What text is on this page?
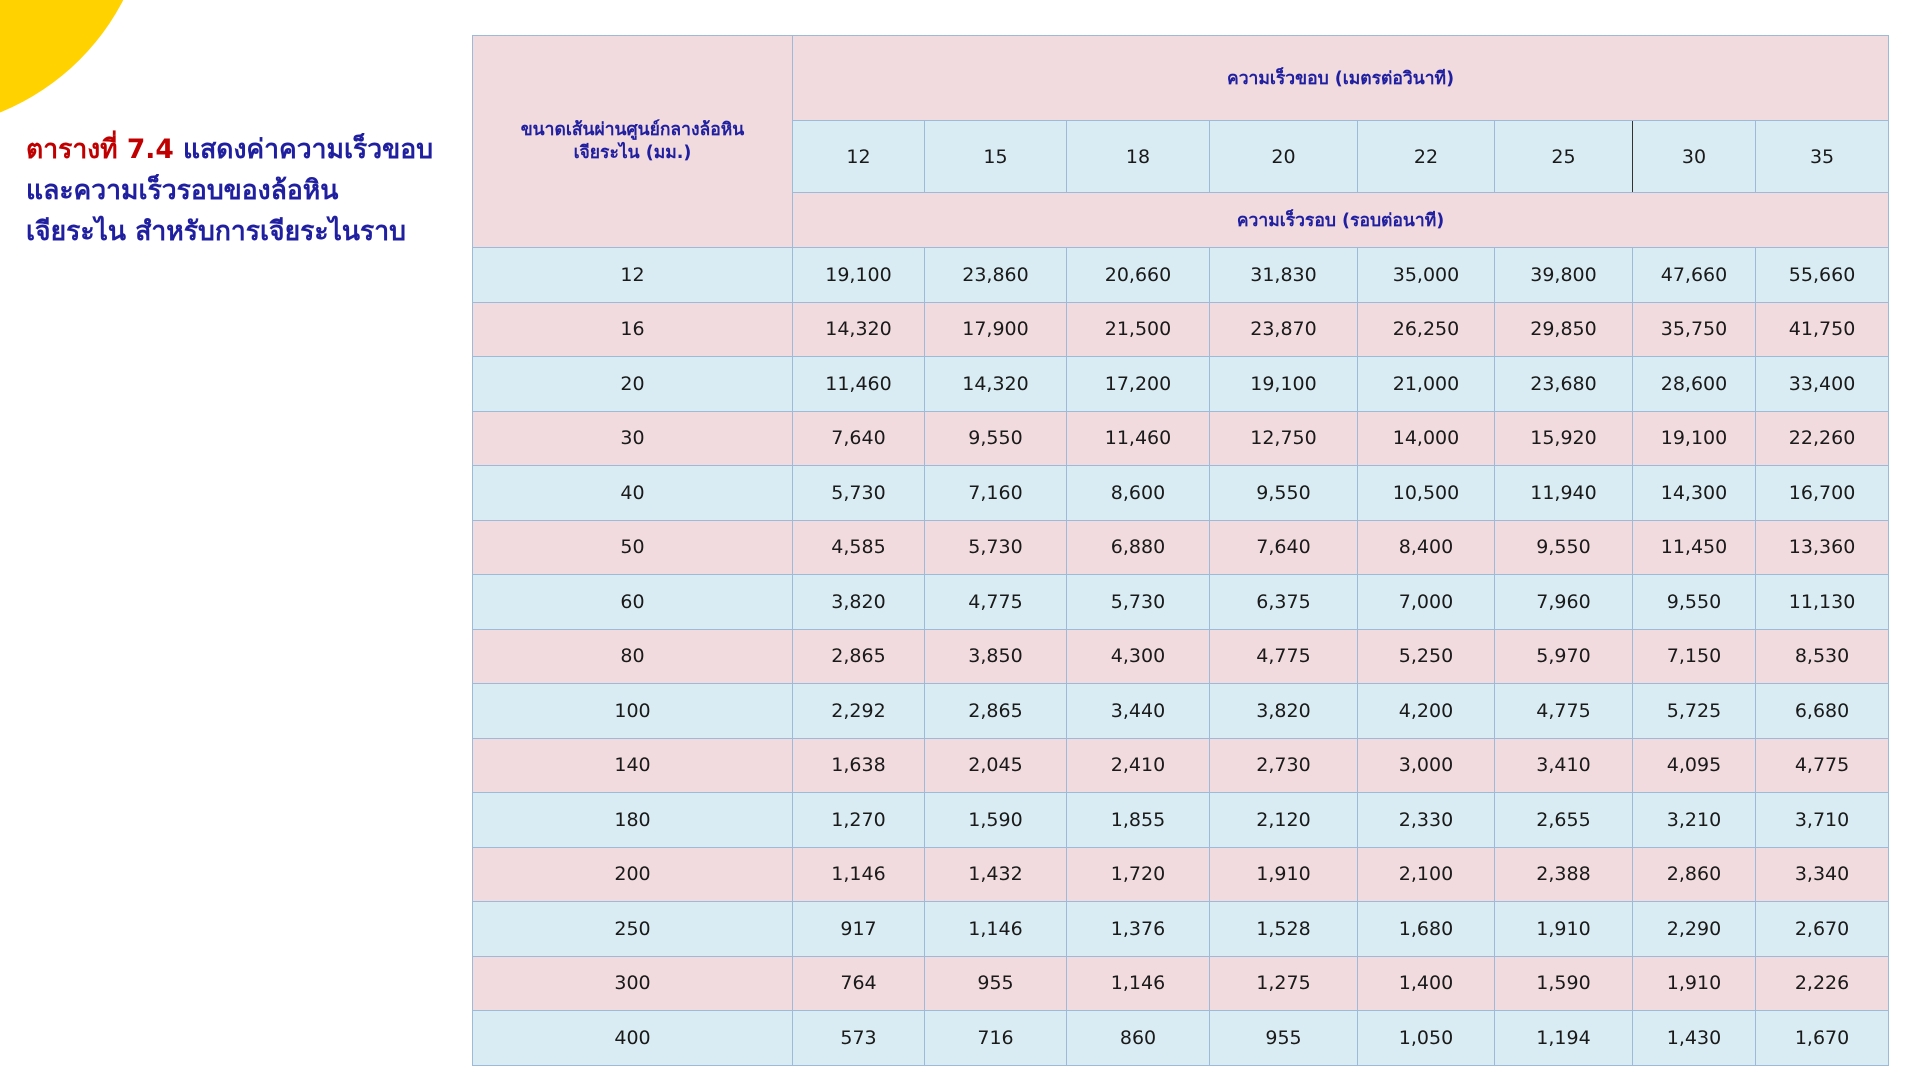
ตารางที่ 7.4 แสดงค่าความเร็วขอบ
และความเร็วรอบของล้อหิน
เจียระไน สำหรับการเจียระไนราบ
ขนาดเส้นผ่านศูนย์กลางล้อหิน
เจียระไน (มม.)	ความเร็วขอบ (เมตรต่อวินาที)							
	12	15	18	20	22	25	30	35
	ความเร็วรอบ (รอบต่อนาที)							
12	19,100	23,860	20,660	31,830	35,000	39,800	47,660	55,660
16	14,320	17,900	21,500	23,870	26,250	29,850	35,750	41,750
20	11,460	14,320	17,200	19,100	21,000	23,680	28,600	33,400
30	7,640	9,550	11,460	12,750	14,000	15,920	19,100	22,260
40	5,730	7,160	8,600	9,550	10,500	11,940	14,300	16,700
50	4,585	5,730	6,880	7,640	8,400	9,550	11,450	13,360
60	3,820	4,775	5,730	6,375	7,000	7,960	9,550	11,130
80	2,865	3,850	4,300	4,775	5,250	5,970	7,150	8,530
100	2,292	2,865	3,440	3,820	4,200	4,775	5,725	6,680
140	1,638	2,045	2,410	2,730	3,000	3,410	4,095	4,775
180	1,270	1,590	1,855	2,120	2,330	2,655	3,210	3,710
200	1,146	1,432	1,720	1,910	2,100	2,388	2,860	3,340
250	917	1,146	1,376	1,528	1,680	1,910	2,290	2,670
300	764	955	1,146	1,275	1,400	1,590	1,910	2,226
400	573	716	860	955	1,050	1,194	1,430	1,670
